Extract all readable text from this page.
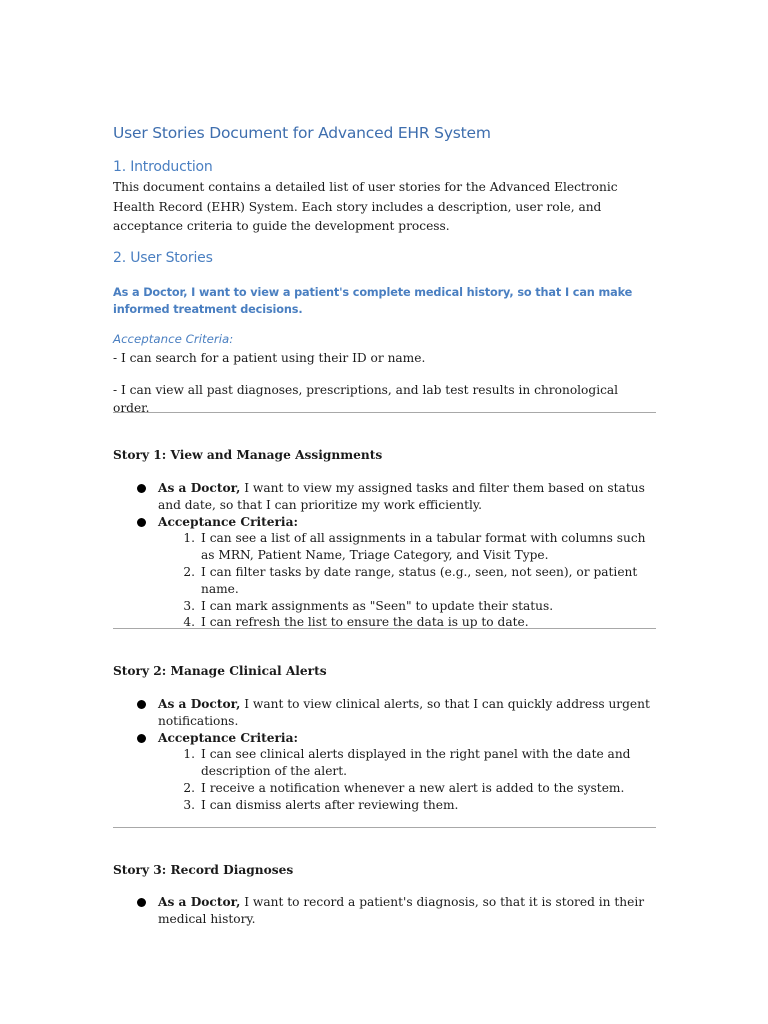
User Stories Document for Advanced EHR System
1. Introduction

This document contains a detailed list of user stories for the Advanced Electronic Health Record (EHR) System. Each story includes a description, user role, and acceptance criteria to guide the development process.

2. User Stories

As a Doctor, I want to view a patient's complete medical history, so that I can make informed treatment decisions.

Acceptance Criteria:

- I can search for a patient using their ID or name.

- I can view all past diagnoses, prescriptions, and lab test results in chronological order.

Story 1: View and Manage Assignments

As a Doctor, I want to view my assigned tasks and filter them based on status and date, so that I can prioritize my work efficiently.
Acceptance Criteria:
1. I can see a list of all assignments in a tabular format with columns such as MRN, Patient Name, Triage Category, and Visit Type.
2. I can filter tasks by date range, status (e.g., seen, not seen), or patient name.
3. I can mark assignments as "Seen" to update their status.
4. I can refresh the list to ensure the data is up to date.

Story 2: Manage Clinical Alerts

As a Doctor, I want to view clinical alerts, so that I can quickly address urgent notifications.
Acceptance Criteria:
1. I can see clinical alerts displayed in the right panel with the date and description of the alert.
2. I receive a notification whenever a new alert is added to the system.
3. I can dismiss alerts after reviewing them.

Story 3: Record Diagnoses

As a Doctor, I want to record a patient's diagnosis, so that it is stored in their medical history.
